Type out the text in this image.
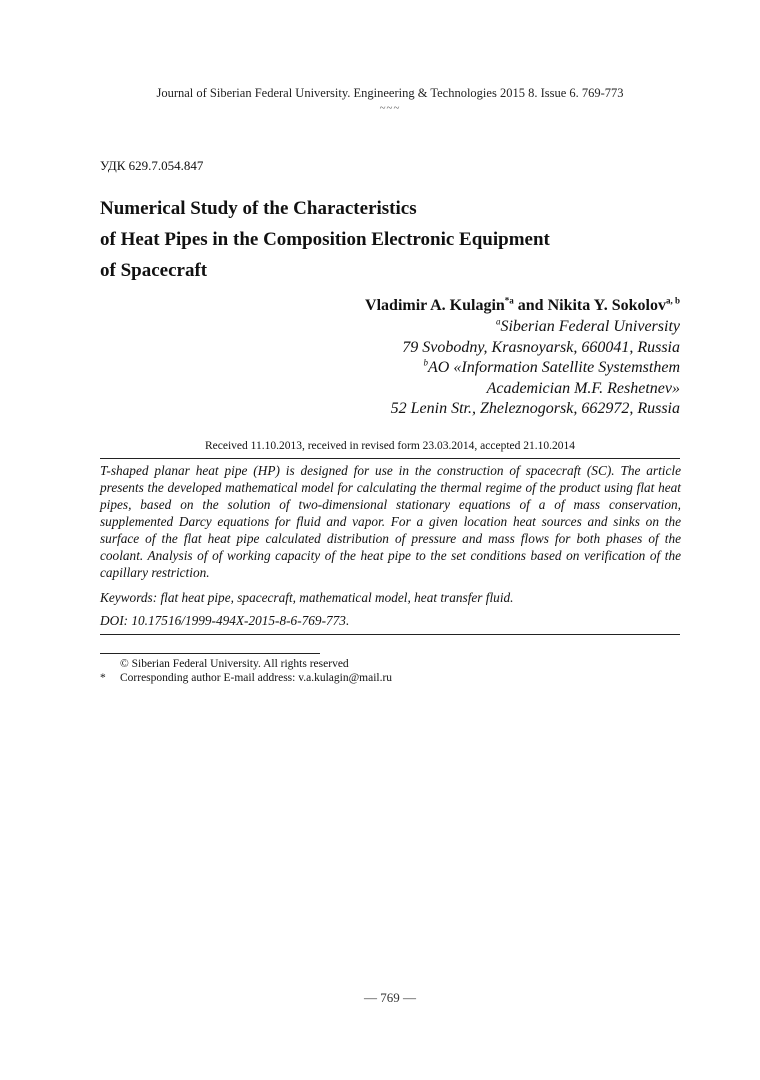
Journal of Siberian Federal University. Engineering & Technologies 2015 8. Issue 6. 769-773
~~~
УДК 629.7.054.847
Numerical Study of the Characteristics
of Heat Pipes in the Composition Electronic Equipment
of Spacecraft
Vladimir A. Kulagin$^{*a}$ and Nikita Y. Sokolov$^{a, b}$
$^a$Siberian Federal University
79 Svobodny, Krasnoyarsk, 660041, Russia
$^b$AO «Information Satellite Systemsthem
Academician M.F. Reshetnev»
52 Lenin Str., Zheleznogorsk, 662972, Russia
Received 11.10.2013, received in revised form 23.03.2014, accepted 21.10.2014
T-shaped planar heat pipe (HP) is designed for use in the construction of spacecraft (SC). The article presents the developed mathematical model for calculating the thermal regime of the product using flat heat pipes, based on the solution of two-dimensional stationary equations of a of mass conservation, supplemented Darcy equations for fluid and vapor. For a given location heat sources and sinks on the surface of the flat heat pipe calculated distribution of pressure and mass flows for both phases of the coolant. Analysis of of working capacity of the heat pipe to the set conditions based on verification of the capillary restriction.
Keywords: flat heat pipe, spacecraft, mathematical model, heat transfer fluid.
DOI: 10.17516/1999-494X-2015-8-6-769-773.
© Siberian Federal University. All rights reserved
* Corresponding author E-mail address: v.a.kulagin@mail.ru
— 769 —
